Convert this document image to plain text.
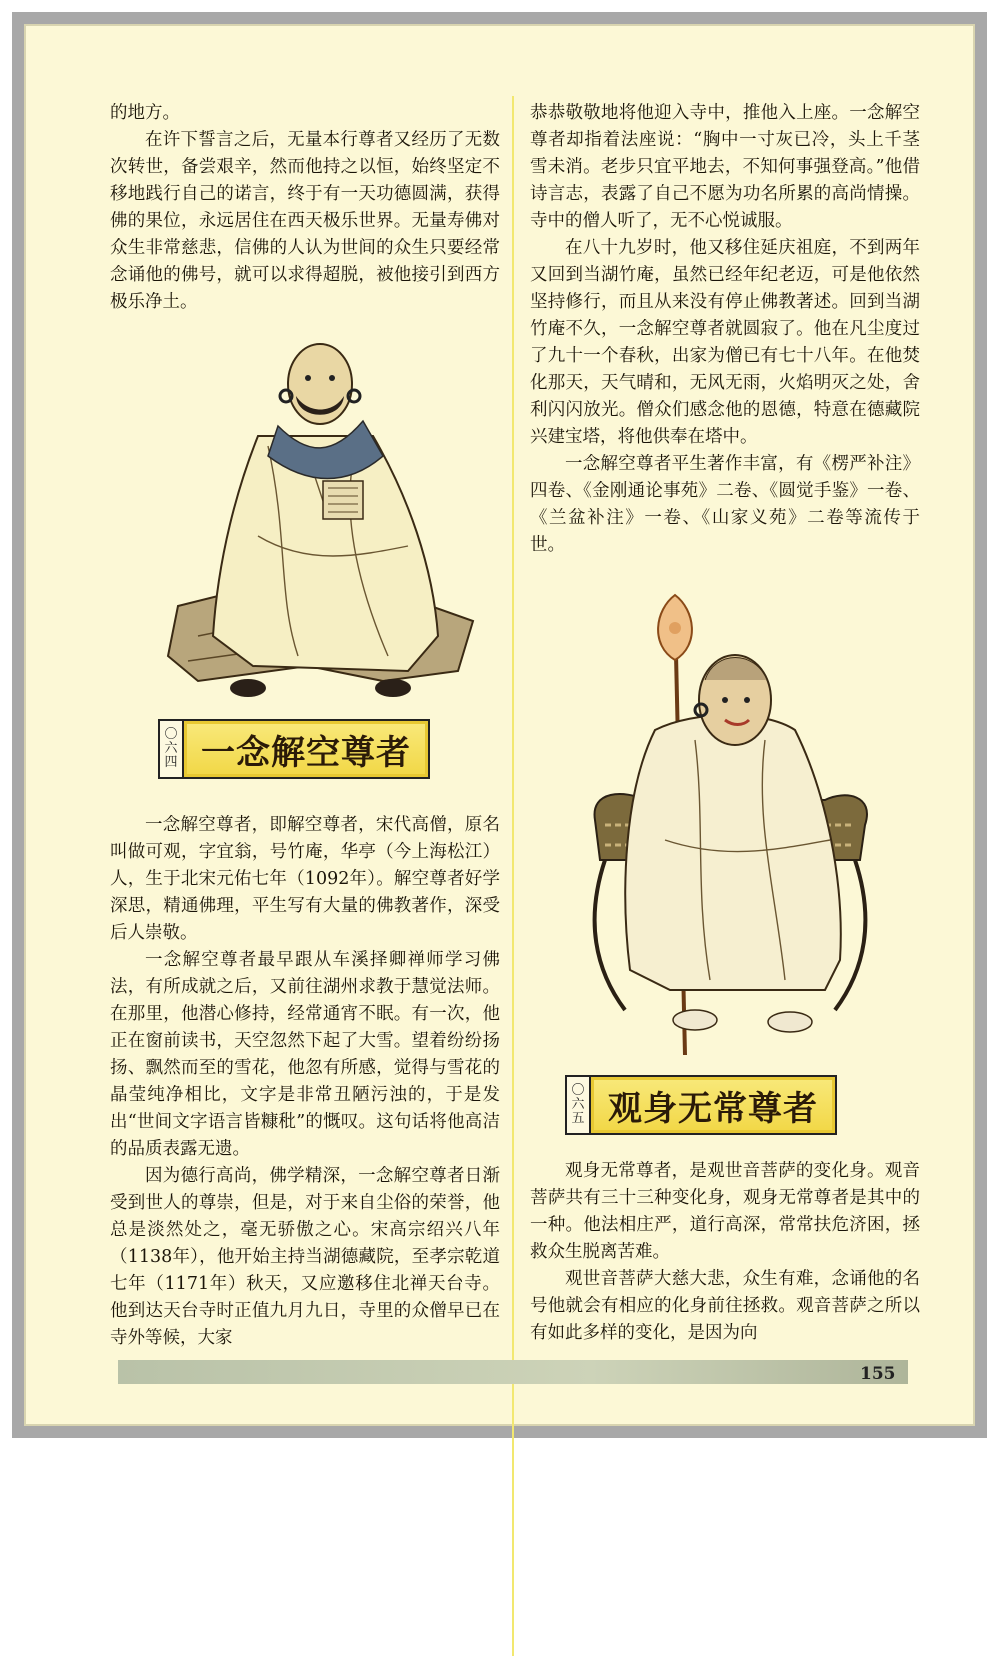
的地方。

在许下誓言之后，无量本行尊者又经历了无数次转世，备尝艰辛，然而他持之以恒，始终坚定不移地践行自己的诺言，终于有一天功德圆满，获得佛的果位，永远居住在西天极乐世界。无量寿佛对众生非常慈悲，信佛的人认为世间的众生只要经常念诵他的佛号，就可以求得超脱，被他接引到西方极乐净土。

〇
六
四 一念解空尊者

一念解空尊者，即解空尊者，宋代高僧，原名叫做可观，字宜翁，号竹庵，华亭（今上海松江）人，生于北宋元佑七年（1092年）。解空尊者好学深思，精通佛理，平生写有大量的佛教著作，深受后人崇敬。

一念解空尊者最早跟从车溪择卿禅师学习佛法，有所成就之后，又前往湖州求教于慧觉法师。在那里，他潜心修持，经常通宵不眠。有一次，他正在窗前读书，天空忽然下起了大雪。望着纷纷扬扬、飘然而至的雪花，他忽有所感，觉得与雪花的晶莹纯净相比，文字是非常丑陋污浊的，于是发出“世间文字语言皆糠秕”的慨叹。这句话将他高洁的品质表露无遗。

因为德行高尚，佛学精深，一念解空尊者日渐受到世人的尊崇，但是，对于来自尘俗的荣誉，他总是淡然处之，毫无骄傲之心。宋高宗绍兴八年（1138年），他开始主持当湖德藏院，至孝宗乾道七年（1171年）秋天，又应邀移住北禅天台寺。他到达天台寺时正值九月九日，寺里的众僧早已在寺外等候，大家

恭恭敬敬地将他迎入寺中，推他入上座。一念解空尊者却指着法座说：“胸中一寸灰已冷，头上千茎雪未消。老步只宜平地去，不知何事强登高。”他借诗言志，表露了自己不愿为功名所累的高尚情操。寺中的僧人听了，无不心悦诚服。

在八十九岁时，他又移住延庆祖庭，不到两年又回到当湖竹庵，虽然已经年纪老迈，可是他依然坚持修行，而且从来没有停止佛教著述。回到当湖竹庵不久，一念解空尊者就圆寂了。他在凡尘度过了九十一个春秋，出家为僧已有七十八年。在他焚化那天，天气晴和，无风无雨，火焰明灭之处，舍利闪闪放光。僧众们感念他的恩德，特意在德藏院兴建宝塔，将他供奉在塔中。

一念解空尊者平生著作丰富，有《楞严补注》四卷、《金刚通论事苑》二卷、《圆觉手鉴》一卷、《兰盆补注》一卷、《山家义苑》二卷等流传于世。

〇
六
五 观身无常尊者

观身无常尊者，是观世音菩萨的变化身。观音菩萨共有三十三种变化身，观身无常尊者是其中的一种。他法相庄严，道行高深，常常扶危济困，拯救众生脱离苦难。

观世音菩萨大慈大悲，众生有难，念诵他的名号他就会有相应的化身前往拯救。观音菩萨之所以有如此多样的变化，是因为向

155
